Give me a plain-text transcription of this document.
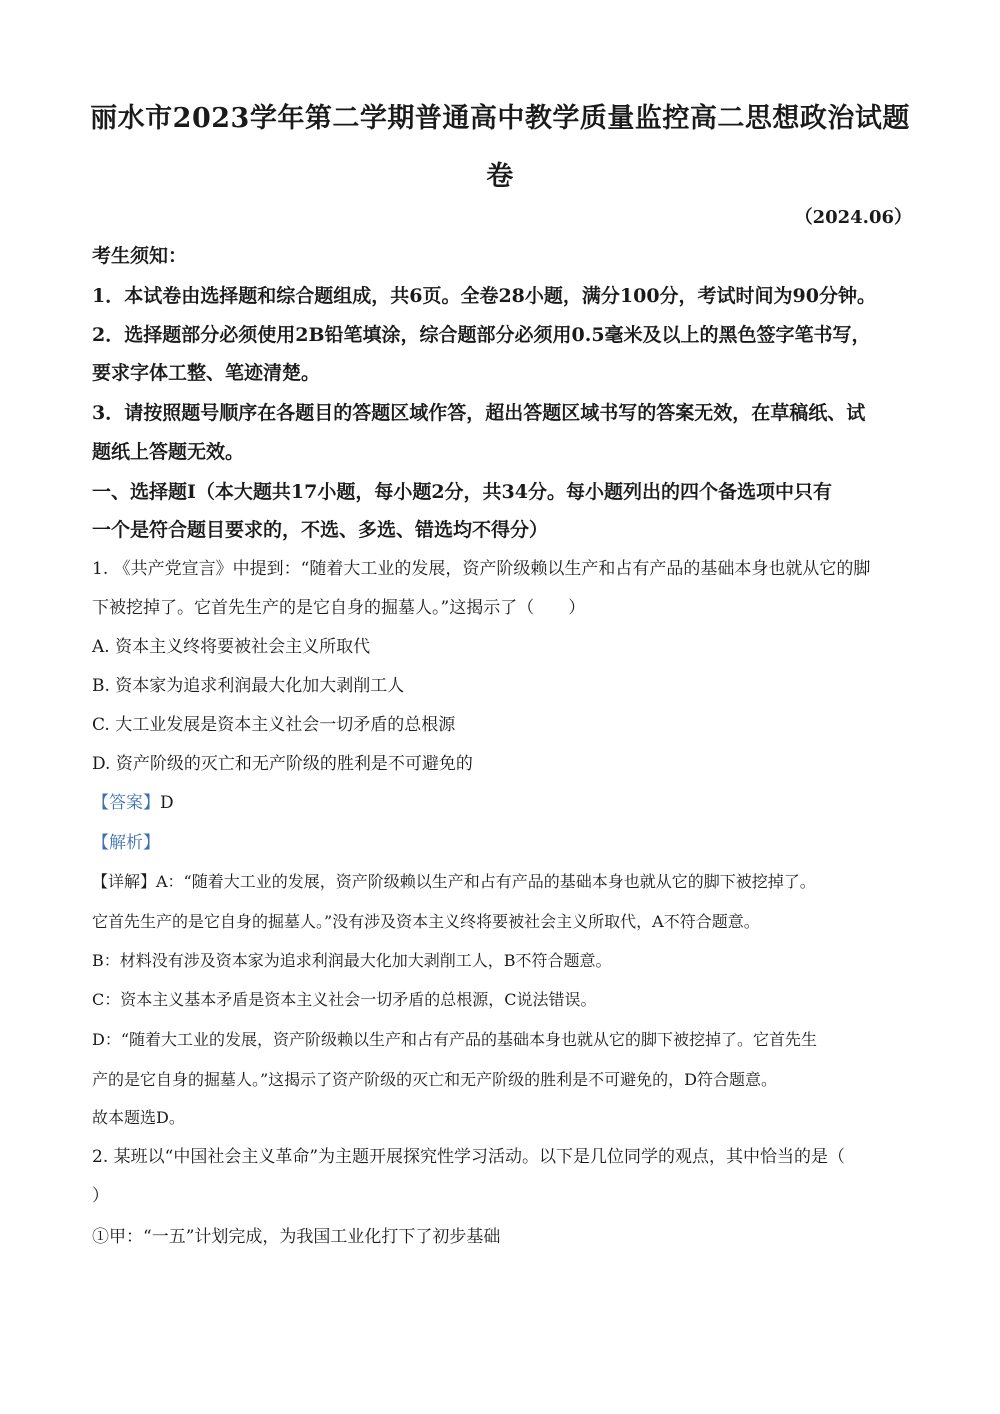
丽水市2023学年第二学期普通高中教学质量监控高二思想政治试题
卷
（2024.06）
考生须知：
1．本试卷由选择题和综合题组成，共6页。全卷28小题，满分100分，考试时间为90分钟。
2．选择题部分必须使用2B铅笔填涂，综合题部分必须用0.5毫米及以上的黑色签字笔书写，
要求字体工整、笔迹清楚。
3．请按照题号顺序在各题目的答题区域作答，超出答题区域书写的答案无效，在草稿纸、试
题纸上答题无效。
一、选择题Ⅰ（本大题共17小题，每小题2分，共34分。每小题列出的四个备选项中只有
一个是符合题目要求的，不选、多选、错选均不得分）
1. 《共产党宣言》中提到：“随着大工业的发展，资产阶级赖以生产和占有产品的基础本身也就从它的脚
下被挖掉了。它首先生产的是它自身的掘墓人。”这揭示了（　　）
A. 资本主义终将要被社会主义所取代
B. 资本家为追求利润最大化加大剥削工人
C. 大工业发展是资本主义社会一切矛盾的总根源
D. 资产阶级的灭亡和无产阶级的胜利是不可避免的
【答案】D
【解析】
【详解】A：“随着大工业的发展，资产阶级赖以生产和占有产品的基础本身也就从它的脚下被挖掉了。
它首先生产的是它自身的掘墓人。”没有涉及资本主义终将要被社会主义所取代，A不符合题意。
B：材料没有涉及资本家为追求利润最大化加大剥削工人，B不符合题意。
C：资本主义基本矛盾是资本主义社会一切矛盾的总根源，C说法错误。
D：“随着大工业的发展，资产阶级赖以生产和占有产品的基础本身也就从它的脚下被挖掉了。它首先生
产的是它自身的掘墓人。”这揭示了资产阶级的灭亡和无产阶级的胜利是不可避免的，D符合题意。
故本题选D。
2. 某班以“中国社会主义革命”为主题开展探究性学习活动。以下是几位同学的观点，其中恰当的是（
）
①甲：“一五”计划完成，为我国工业化打下了初步基础
